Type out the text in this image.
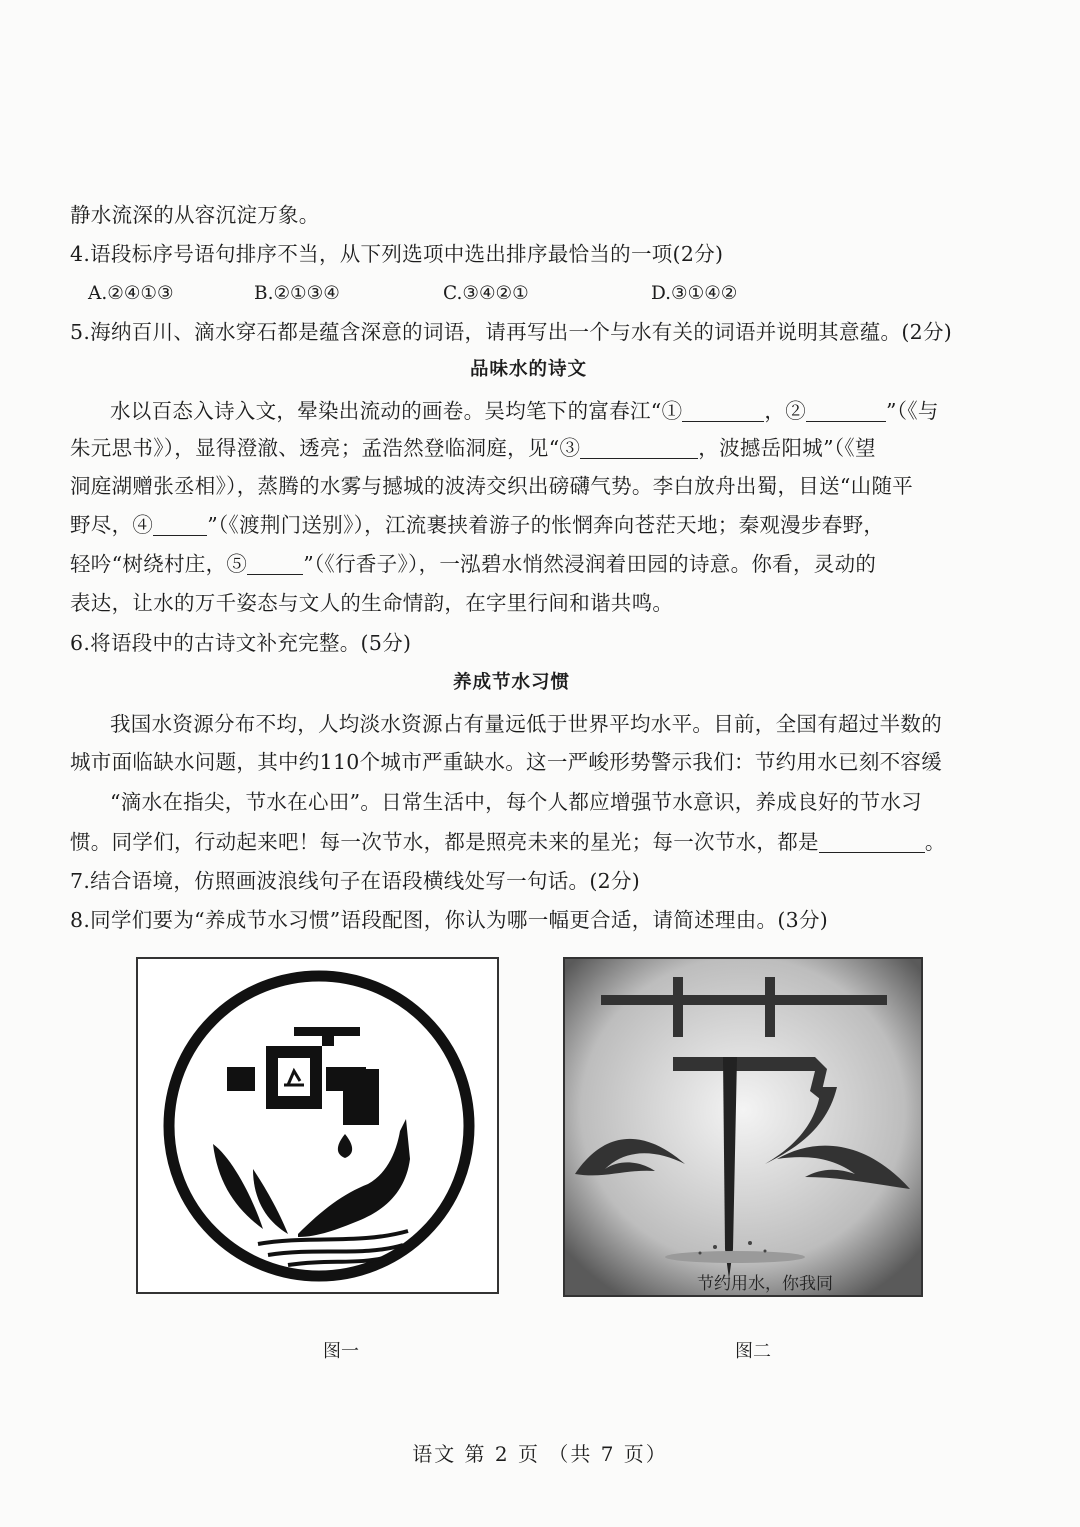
静水流深的从容沉淀万象。
4.语段标序号语句排序不当，从下列选项中选出排序最恰当的一项(2分)
A.②④①③	B.②①③④	C.③④②①	D.③①④②
5.海纳百川、滴水穿石都是蕴含深意的词语，请再写出一个与水有关的词语并说明其意蕴。(2分)
品味水的诗文
水以百态入诗入文，晕染出流动的画卷。吴均笔下的富春江“①	，②	”（《与
朱元思书》），显得澄澈、透亮；孟浩然登临洞庭，见“③	，波撼岳阳城”（《望
洞庭湖赠张丞相》），蒸腾的水雾与撼城的波涛交织出磅礴气势。李白放舟出蜀，目送“山随平
野尽，④	”（《渡荆门送别》），江流裹挟着游子的怅惘奔向苍茫天地；秦观漫步春野，
轻吟“树绕村庄，⑤	”（《行香子》），一泓碧水悄然浸润着田园的诗意。你看，灵动的
表达，让水的万千姿态与文人的生命情韵，在字里行间和谐共鸣。
6.将语段中的古诗文补充完整。(5分)
养成节水习惯
我国水资源分布不均，人均淡水资源占有量远低于世界平均水平。目前，全国有超过半数的
城市面临缺水问题，其中约110个城市严重缺水。这一严峻形势警示我们：节约用水已刻不容缓
“滴水在指尖，节水在心田”。日常生活中，每个人都应增强节水意识，养成良好的节水习
惯。同学们，行动起来吧！每一次节水，都是照亮未来的星光；每一次节水，都是	。
7.结合语境，仿照画波浪线句子在语段横线处写一句话。(2分)
8.同学们要为“养成节水习惯”语段配图，你认为哪一幅更合适，请简述理由。(3分)
节约用水，你我同
图一	图二
语文 第 2 页 （共 7 页）
